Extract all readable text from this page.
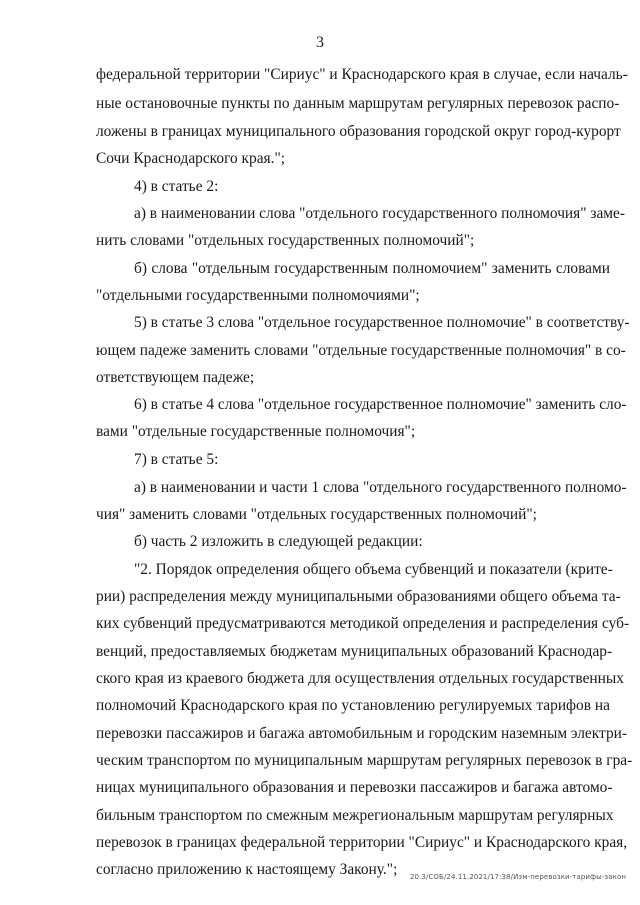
3
федеральной территории "Сириус" и Краснодарского края в случае, если началь-
ные остановочные пункты по данным маршрутам регулярных перевозок распо-
ложены в границах муниципального образования городской округ город-курорт
Сочи Краснодарского края.";
4) в статье 2:
а) в наименовании слова "отдельного государственного полномочия" заме-
нить словами "отдельных государственных полномочий";
б) слова "отдельным государственным полномочием" заменить словами
"отдельными государственными полномочиями";
5) в статье 3 слова "отдельное государственное полномочие" в соответству-
ющем падеже заменить словами "отдельные государственные полномочия" в со-
ответствующем падеже;
6) в статье 4 слова "отдельное государственное полномочие" заменить сло-
вами "отдельные государственные полномочия";
7) в статье 5:
а) в наименовании и части 1 слова "отдельного государственного полномо-
чия" заменить словами "отдельных государственных полномочий";
б) часть 2 изложить в следующей редакции:
"2. Порядок определения общего объема субвенций и показатели (крите-
рии) распределения между муниципальными образованиями общего объема та-
ких субвенций предусматриваются методикой определения и распределения суб-
венций, предоставляемых бюджетам муниципальных образований Краснодар-
ского края из краевого бюджета для осуществления отдельных государственных
полномочий Краснодарского края по установлению регулируемых тарифов на
перевозки пассажиров и багажа автомобильным и городским наземным электри-
ческим транспортом по муниципальным маршрутам регулярных перевозок в гра-
ницах муниципального образования и перевозки пассажиров и багажа автомо-
бильным транспортом по смежным межрегиональным маршрутам регулярных
перевозок в границах федеральной территории "Сириус" и Краснодарского края,
согласно приложению к настоящему Закону."; 20.3/СОБ/24.11.2021/17:38/Изм-перевозки-тарифы-закон
